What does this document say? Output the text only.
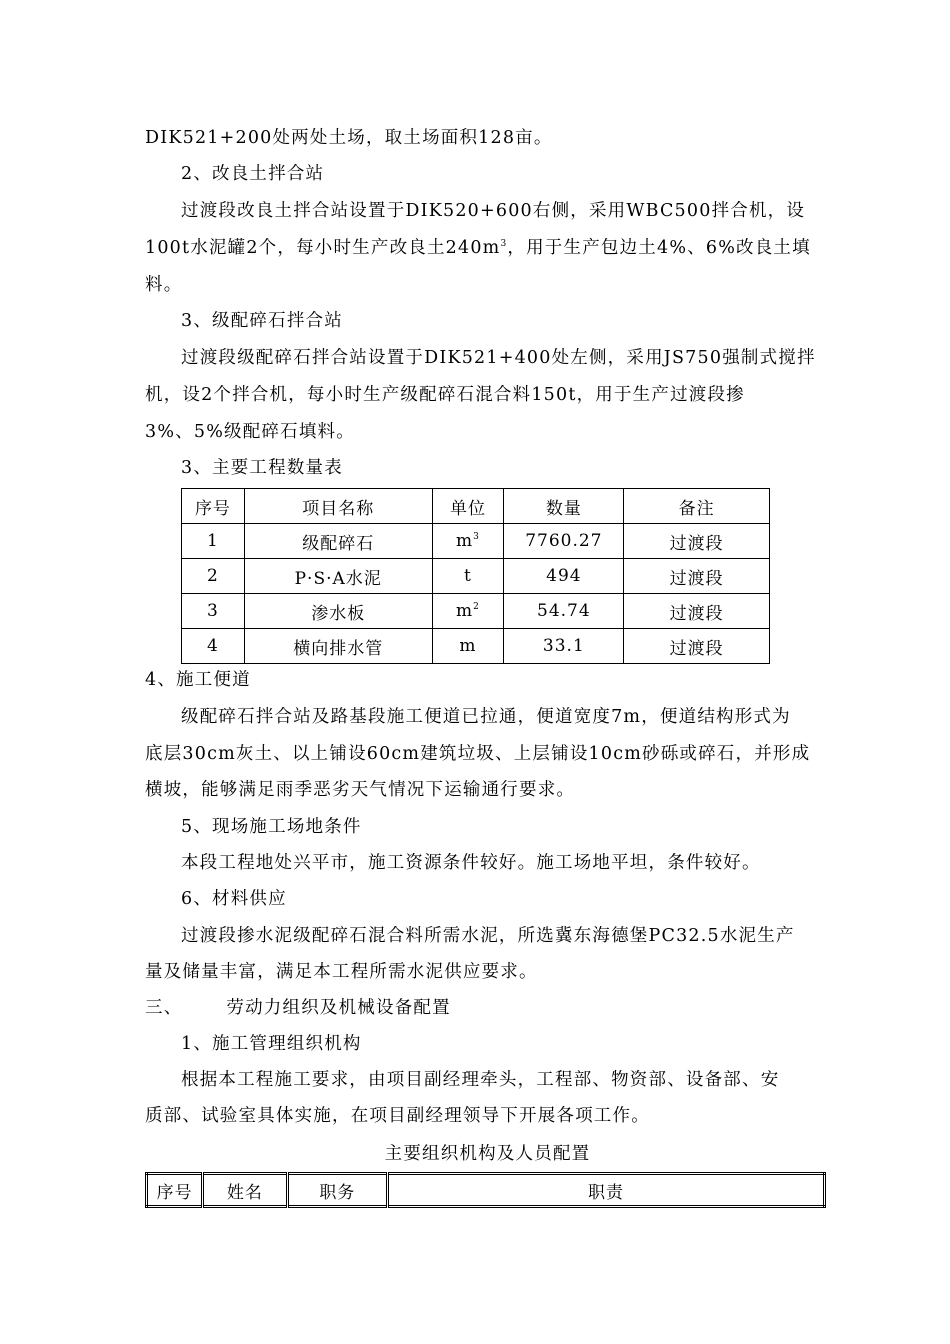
DIK521+200处两处土场，取土场面积128亩。
2、改良土拌合站
过渡段改良土拌合站设置于DIK520+600右侧，采用WBC500拌合机，设
100t水泥罐2个，每小时生产改良土$240m^3$，用于生产包边土4%、6%改良土填
料。
3、级配碎石拌合站
过渡段级配碎石拌合站设置于DIK521+400处左侧，采用JS750强制式搅拌
机，设2个拌合机，每小时生产级配碎石混合料150t，用于生产过渡段掺
3%、5%级配碎石填料。
3、主要工程数量表
序号	项目名称	单位	数量	备注
1	级配碎石	$m^3$	7760.27	过渡段
2	P·S·A水泥	t	494	过渡段
3	渗水板	$m^2$	54.74	过渡段
4	横向排水管	m	33.1	过渡段
4、施工便道
级配碎石拌合站及路基段施工便道已拉通，便道宽度7m，便道结构形式为
底层30cm灰土、以上铺设60cm建筑垃圾、上层铺设10cm砂砾或碎石，并形成
横坡，能够满足雨季恶劣天气情况下运输通行要求。
5、现场施工场地条件
本段工程地处兴平市，施工资源条件较好。施工场地平坦，条件较好。
6、材料供应
过渡段掺水泥级配碎石混合料所需水泥，所选冀东海德堡PC32.5水泥生产
量及储量丰富，满足本工程所需水泥供应要求。
三、	劳动力组织及机械设备配置
1、施工管理组织机构
根据本工程施工要求，由项目副经理牵头，工程部、物资部、设备部、安
质部、试验室具体实施，在项目副经理领导下开展各项工作。
主要组织机构及人员配置
序号	姓名	职务	职责
